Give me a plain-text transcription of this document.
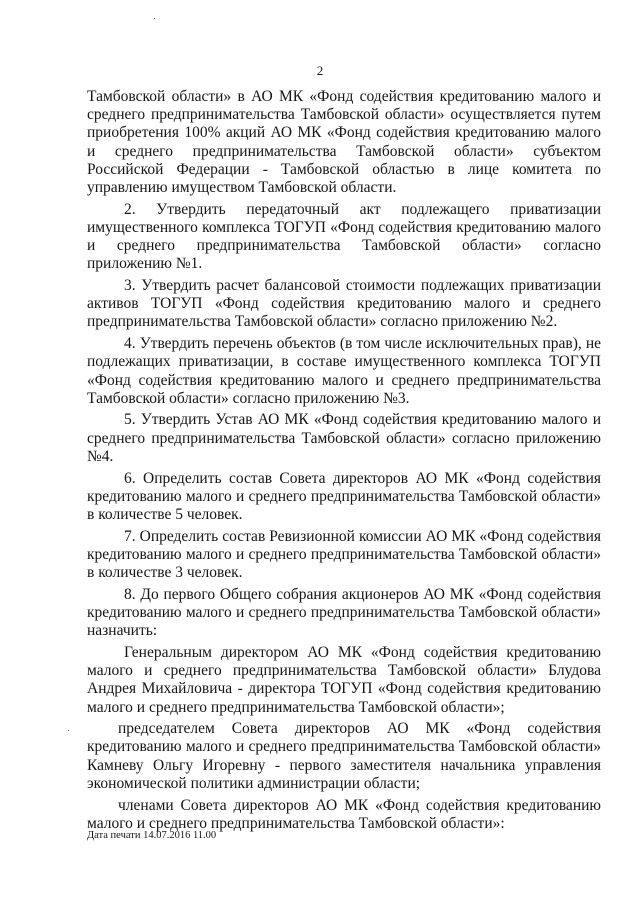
2

Тамбовской области» в АО МК «Фонд содействия кредитованию малого и среднего предпринимательства Тамбовской области» осуществляется путем приобретения 100% акций АО МК «Фонд содействия кредитованию малого и среднего предпринимательства Тамбовской области» субъектом Российской Федерации - Тамбовской областью в лице комитета по управлению имуществом Тамбовской области.

2. Утвердить передаточный акт подлежащего приватизации имущественного комплекса ТОГУП «Фонд содействия кредитованию малого и среднего предпринимательства Тамбовской области» согласно приложению №1.

3. Утвердить расчет балансовой стоимости подлежащих приватизации активов ТОГУП «Фонд содействия кредитованию малого и среднего предпринимательства Тамбовской области» согласно приложению №2.

4. Утвердить перечень объектов (в том числе исключительных прав), не подлежащих приватизации, в составе имущественного комплекса ТОГУП «Фонд содействия кредитованию малого и среднего предпринимательства Тамбовской области» согласно приложению №3.

5. Утвердить Устав АО МК «Фонд содействия кредитованию малого и среднего предпринимательства Тамбовской области» согласно приложению №4.

6. Определить состав Совета директоров АО МК «Фонд содействия кредитованию малого и среднего предпринимательства Тамбовской области» в количестве 5 человек.

7. Определить состав Ревизионной комиссии АО МК «Фонд содействия кредитованию малого и среднего предпринимательства Тамбовской области» в количестве 3 человек.

8. До первого Общего собрания акционеров АО МК «Фонд содействия кредитованию малого и среднего предпринимательства Тамбовской области» назначить:

Генеральным директором АО МК «Фонд содействия кредитованию малого и среднего предпринимательства Тамбовской области» Блудова Андрея Михайловича - директора ТОГУП «Фонд содействия кредитованию малого и среднего предпринимательства Тамбовской области»;

председателем Совета директоров АО МК «Фонд содействия кредитованию малого и среднего предпринимательства Тамбовской области» Камневу Ольгу Игоревну - первого заместителя начальника управления экономической политики администрации области;

членами Совета директоров АО МК «Фонд содействия кредитованию малого и среднего предпринимательства Тамбовской области»:

Дата печати 14.07.2016 11.00
